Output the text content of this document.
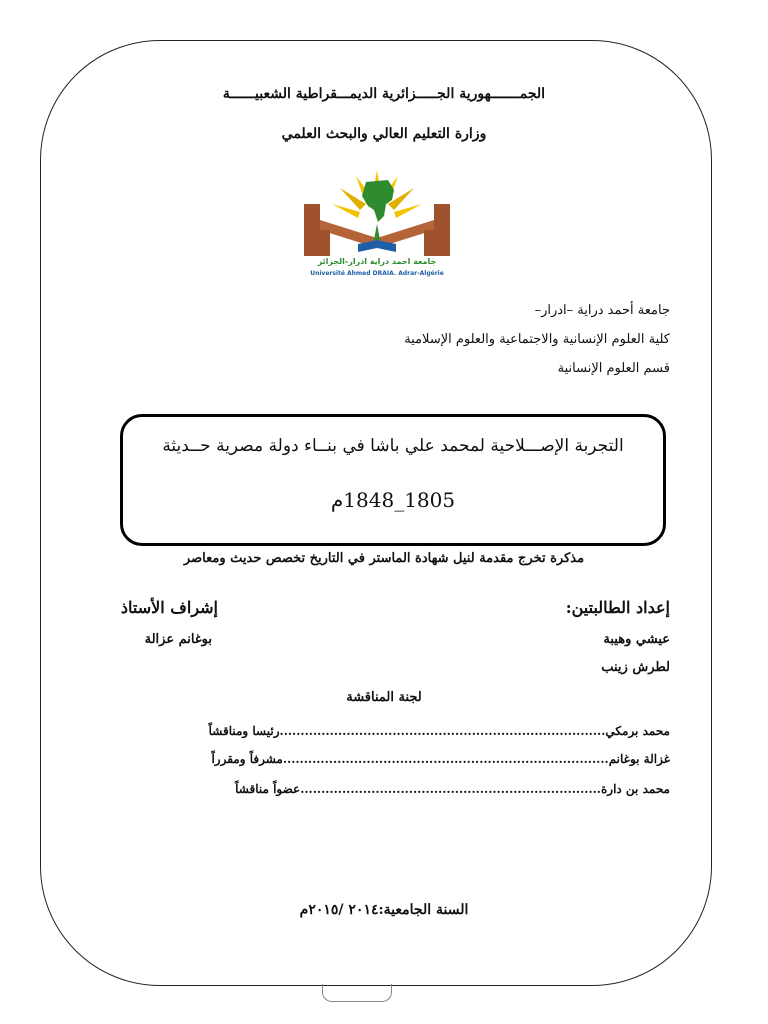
الجمـــــــهورية الجـــــزائرية الديمـــقراطية الشعبيــــــة
وزارة التعليم العالي والبحث العلمي
جامعة احمد دراية ادرار-الجزائر
Université Ahmed DRAIA. Adrar-Algérie
جامعة أحمد دراية –ادرار–
كلية العلوم الإنسانية والاجتماعية والعلوم الإسلامية
قسم العلوم الإنسانية
التجربة الإصـــلاحية لمحمد علي باشا في بنــاء دولة مصرية حــديثة
1805_1848م
مذكرة تخرج مقدمة لنيل شهادة الماستر في التاريخ تخصص حديث ومعاصر
إعداد الطالبتين:
إشراف الأستاذ
عيشي وهيبة
بوغانم عزالة
لطرش زينب
لجنة المناقشة
محمد برمكي..............................................................................رئيسا ومناقشاً
غزالة بوغانم..............................................................................مشرفاً ومقرراً
محمد بن دارة........................................................................عضواً مناقشاً
السنة الجامعية:٢٠١٤ /٢٠١٥م
